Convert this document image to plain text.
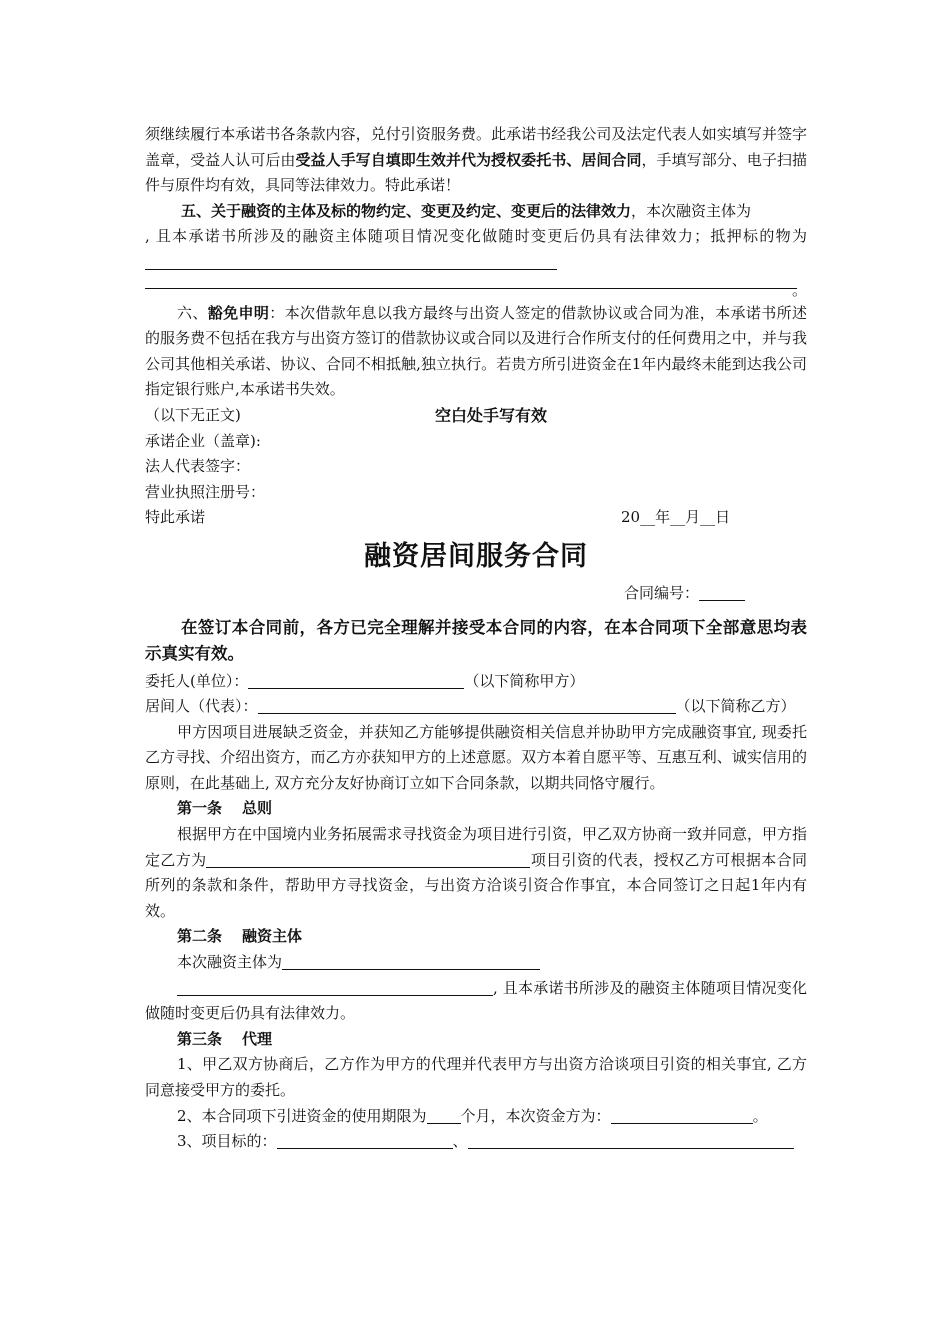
须继续履行本承诺书各条款内容，兑付引资服务费。此承诺书经我公司及法定代表人如实填写并签字盖章，受益人认可后由受益人手写自填即生效并代为授权委托书、居间合同，手填写部分、电子扫描件与原件均有效，具同等法律效力。特此承诺！

五、关于融资的主体及标的物约定、变更及约定、变更后的法律效力，本次融资主体为

, 且本承诺书所涉及的融资主体随项目情况变化做随时变更后仍具有法律效力；抵押标的物为

。

六、豁免申明：本次借款年息以我方最终与出资人签定的借款协议或合同为准，本承诺书所述的服务费不包括在我方与出资方签订的借款协议或合同以及进行合作所支付的任何费用之中，并与我公司其他相关承诺、协议、合同不相抵触,独立执行。若贵方所引进资金在1年内最终未能到达我公司指定银行账户,本承诺书失效。

（以下无正文)	空白处手写有效
承诺企业（盖章):
法人代表签字：
营业执照注册号：
特此承诺	20__年__月__日
融资居间服务合同
合同编号：

在签订本合同前，各方已完全理解并接受本合同的内容，在本合同项下全部意思均表示真实有效。

委托人(单位）：	（以下简称甲方）

居间人（代表）：	（以下简称乙方）

甲方因项目进展缺乏资金，并获知乙方能够提供融资相关信息并协助甲方完成融资事宜, 现委托乙方寻找、介绍出资方，而乙方亦获知甲方的上述意愿。双方本着自愿平等、互惠互利、诚实信用的原则，在此基础上, 双方充分友好协商订立如下合同条款，以期共同恪守履行。

第一条 总则

根据甲方在中国境内业务拓展需求寻找资金为项目进行引资，甲乙双方协商一致并同意，甲方指定乙方为	项目引资的代表，授权乙方可根据本合同所列的条款和条件，帮助甲方寻找资金，与出资方洽谈引资合作事宜，本合同签订之日起1年内有效。

第二条 融资主体

本次融资主体为

, 且本承诺书所涉及的融资主体随项目情况变化做随时变更后仍具有法律效力。

第三条 代理

1、甲乙双方协商后，乙方作为甲方的代理并代表甲方与出资方洽谈项目引资的相关事宜, 乙方同意接受甲方的委托。

2、本合同项下引进资金的使用期限为 个月，本次资金方为：	。

3、项目标的：	、
